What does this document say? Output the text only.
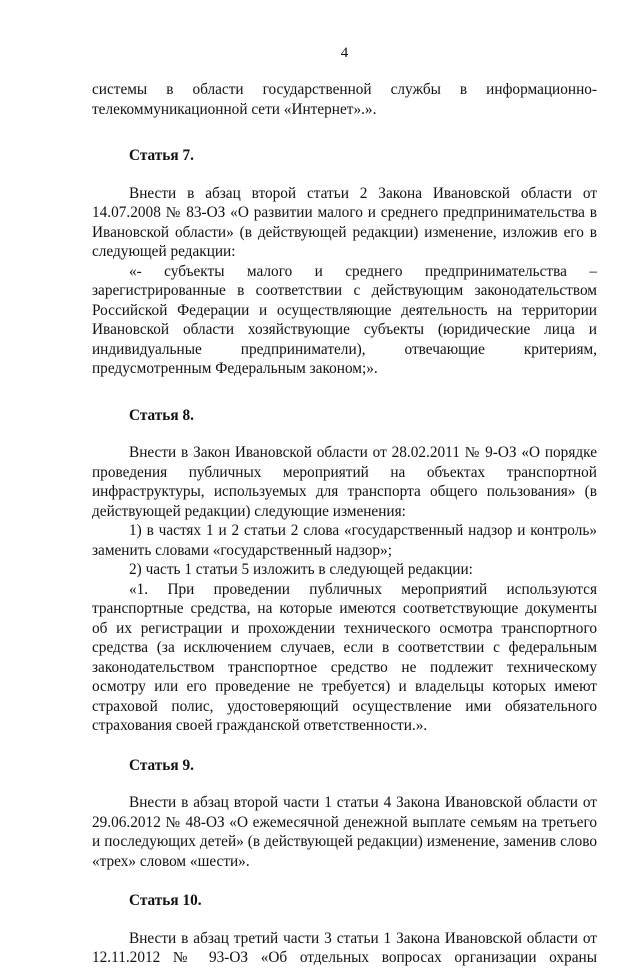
4

системы в области государственной службы в информационно-телекоммуникационной сети «Интернет».».

Статья 7.

Внести в абзац второй статьи 2 Закона Ивановской области от 14.07.2008 № 83-ОЗ «О развитии малого и среднего предпринимательства в Ивановской области» (в действующей редакции) изменение, изложив его в следующей редакции:

«- субъекты малого и среднего предпринимательства – зарегистрированные в соответствии с действующим законодательством Российской Федерации и осуществляющие деятельность на территории Ивановской области хозяйствующие субъекты (юридические лица и индивидуальные предприниматели), отвечающие критериям, предусмотренным Федеральным законом;».

Статья 8.

Внести в Закон Ивановской области от 28.02.2011 № 9-ОЗ «О порядке проведения публичных мероприятий на объектах транспортной инфраструктуры, используемых для транспорта общего пользования» (в действующей редакции) следующие изменения:

1) в частях 1 и 2 статьи 2 слова «государственный надзор и контроль» заменить словами «государственный надзор»;

2) часть 1 статьи 5 изложить в следующей редакции:

«1. При проведении публичных мероприятий используются транспортные средства, на которые имеются соответствующие документы об их регистрации и прохождении технического осмотра транспортного средства (за исключением случаев, если в соответствии с федеральным законодательством транспортное средство не подлежит техническому осмотру или его проведение не требуется) и владельцы которых имеют страховой полис, удостоверяющий осуществление ими обязательного страхования своей гражданской ответственности.».

Статья 9.

Внести в абзац второй части 1 статьи 4 Закона Ивановской области от 29.06.2012 № 48-ОЗ «О ежемесячной денежной выплате семьям на третьего и последующих детей» (в действующей редакции) изменение, заменив слово «трех» словом «шести».

Статья 10.

Внести в абзац третий части 3 статьи 1 Закона Ивановской области от 12.11.2012 № 93-ОЗ «Об отдельных вопросах организации охраны
